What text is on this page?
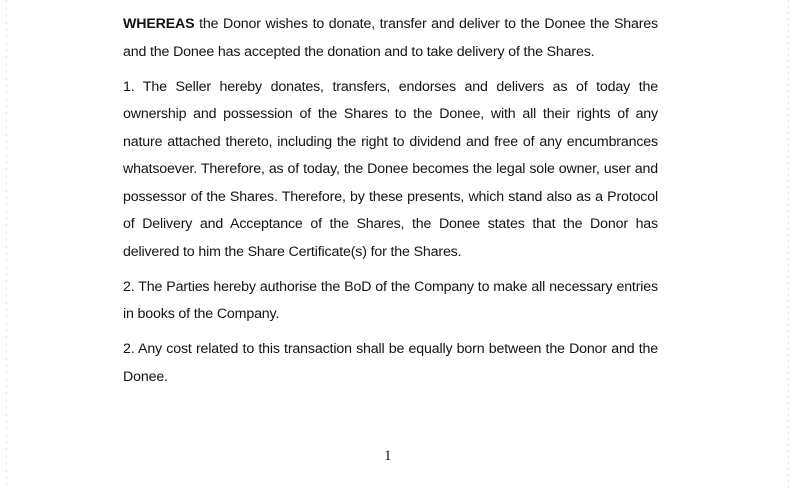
WHEREAS the Donor wishes to donate, transfer and deliver to the Donee the Shares and the Donee has accepted the donation and to take delivery of the Shares.

1. The Seller hereby donates, transfers, endorses and delivers as of today the ownership and possession of the Shares to the Donee, with all their rights of any nature attached thereto, including the right to dividend and free of any encumbrances whatsoever. Therefore, as of today, the Donee becomes the legal sole owner, user and possessor of the Shares. Therefore, by these presents, which stand also as a Protocol of Delivery and Acceptance of the Shares, the Donee states that the Donor has delivered to him the Share Certificate(s) for the Shares.

2. The Parties hereby authorise the BoD of the Company to make all necessary entries in books of the Company.

2. Any cost related to this transaction shall be equally born between the Donor and the Donee.

1
